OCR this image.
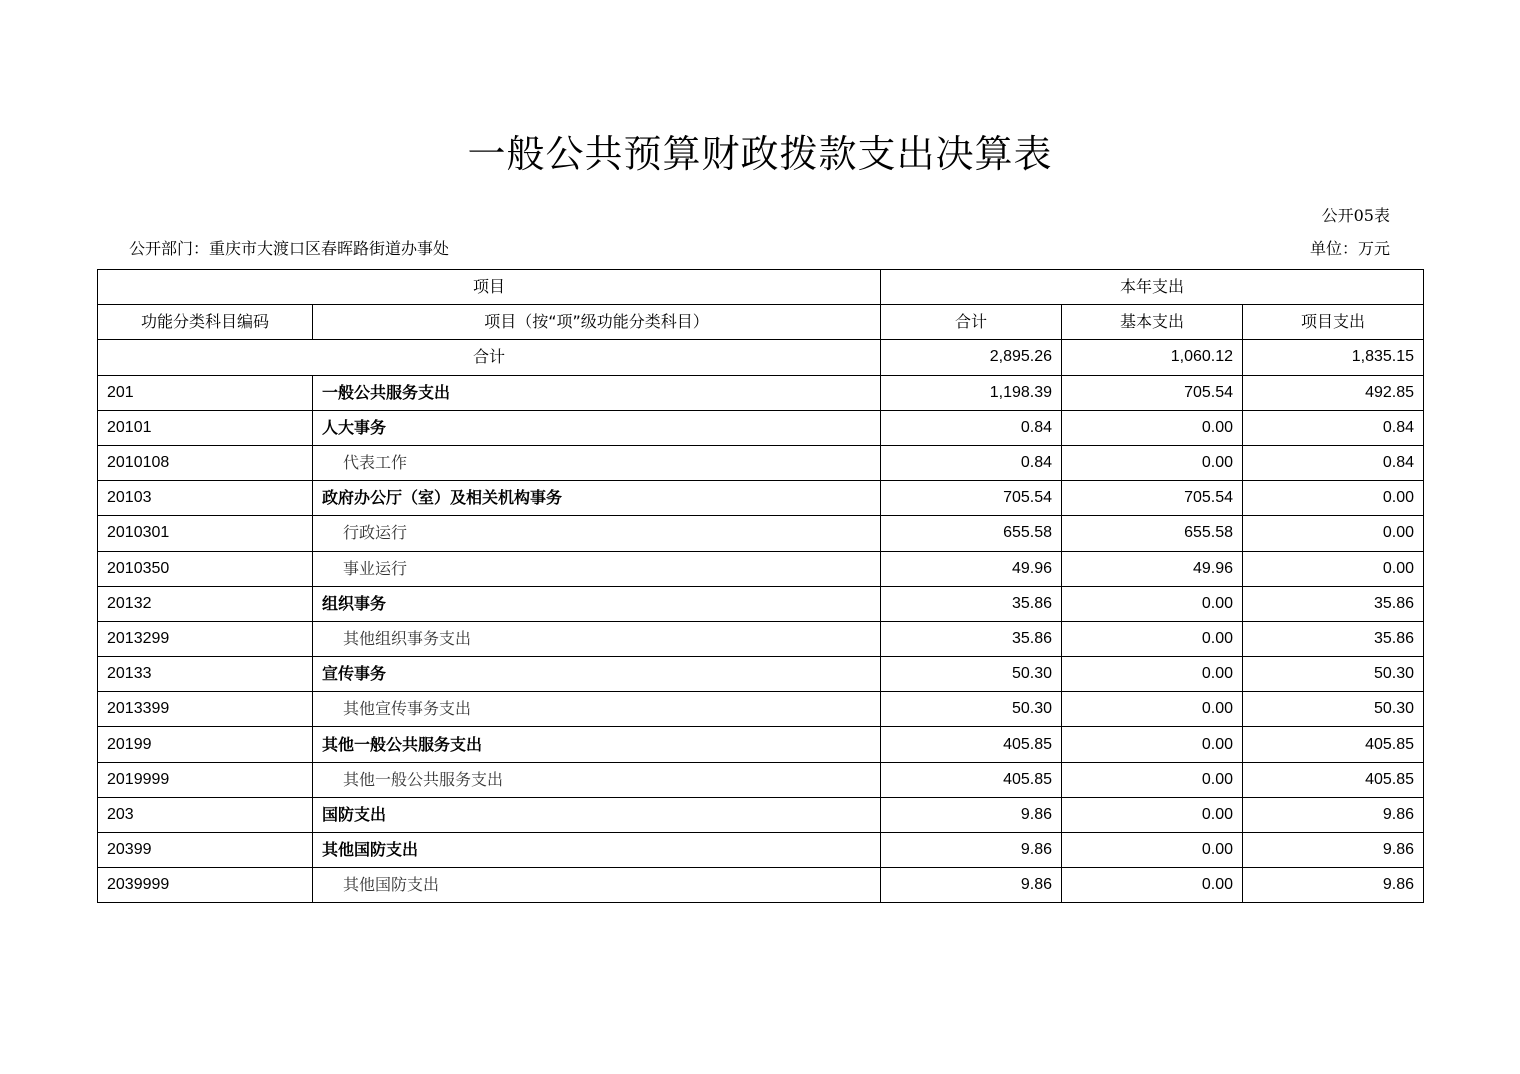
一般公共预算财政拨款支出决算表
公开05表
公开部门：重庆市大渡口区春晖路街道办事处	单位：万元
项目		本年支出		
功能分类科目编码	项目（按“项”级功能分类科目）	合计	基本支出	项目支出
合计		2,895.26	1,060.12	1,835.15
201	一般公共服务支出	1,198.39	705.54	492.85
20101	人大事务	0.84	0.00	0.84
2010108	代表工作	0.84	0.00	0.84
20103	政府办公厅（室）及相关机构事务	705.54	705.54	0.00
2010301	行政运行	655.58	655.58	0.00
2010350	事业运行	49.96	49.96	0.00
20132	组织事务	35.86	0.00	35.86
2013299	其他组织事务支出	35.86	0.00	35.86
20133	宣传事务	50.30	0.00	50.30
2013399	其他宣传事务支出	50.30	0.00	50.30
20199	其他一般公共服务支出	405.85	0.00	405.85
2019999	其他一般公共服务支出	405.85	0.00	405.85
203	国防支出	9.86	0.00	9.86
20399	其他国防支出	9.86	0.00	9.86
2039999	其他国防支出	9.86	0.00	9.86
